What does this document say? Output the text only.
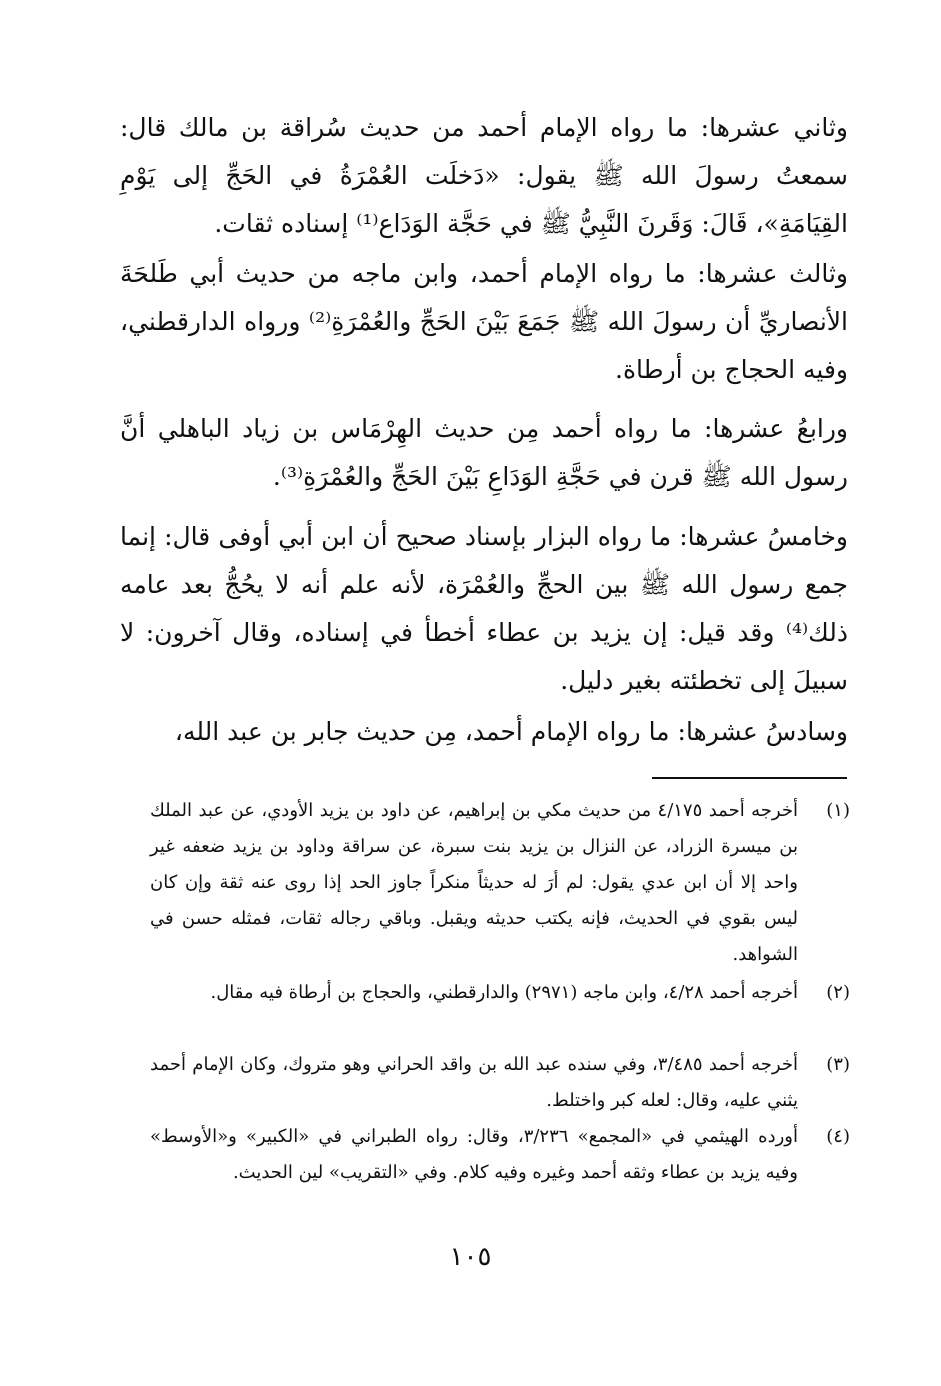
وثاني عشرها: ما رواه الإمام أحمد من حديث سُراقة بن مالك قال: سمعتُ رسولَ الله ﷺ يقول: «دَخلَت العُمْرَةُ في الحَجِّ إلى يَوْمِ القِيَامَةِ»، قَالَ: وَقَرنَ النَّبِيُّ ﷺ في حَجَّة الوَدَاع⁽¹⁾ إسناده ثقات.

وثالث عشرها: ما رواه الإمام أحمد، وابن ماجه من حديث أبي طَلحَةَ الأنصاريِّ أن رسولَ الله ﷺ جَمَعَ بَيْنَ الحَجِّ والعُمْرَةِ⁽²⁾ ورواه الدارقطني، وفيه الحجاج بن أرطاة.

ورابعُ عشرها: ما رواه أحمد مِن حديث الهِرْمَاس بن زياد الباهلي أنَّ رسول الله ﷺ قرن في حَجَّةِ الوَدَاعِ بَيْنَ الحَجِّ والعُمْرَةِ⁽³⁾.

وخامسُ عشرها: ما رواه البزار بإسناد صحيح أن ابن أبي أوفى قال: إنما جمع رسول الله ﷺ بين الحجِّ والعُمْرَة، لأنه علم أنه لا يحُجُّ بعد عامه ذلك⁽⁴⁾ وقد قيل: إن يزيد بن عطاء أخطأ في إسناده، وقال آخرون: لا سبيلَ إلى تخطئته بغير دليل.

وسادسُ عشرها: ما رواه الإمام أحمد، مِن حديث جابر بن عبد الله،

(١)
أخرجه أحمد ٤/١٧٥ من حديث مكي بن إبراهيم، عن داود بن يزيد الأودي، عن عبد الملك بن ميسرة الزراد، عن النزال بن يزيد بنت سبرة، عن سراقة وداود بن يزيد ضعفه غير واحد إلا أن ابن عدي يقول: لم أرَ له حديثاً منكراً جاوز الحد إذا روى عنه ثقة وإن كان ليس بقوي في الحديث، فإنه يكتب حديثه ويقبل. وباقي رجاله ثقات، فمثله حسن في الشواهد.
(٢)
أخرجه أحمد ٤/٢٨، وابن ماجه (٢٩٧١) والدارقطني، والحجاج بن أرطاة فيه مقال.
(٣)
أخرجه أحمد ٣/٤٨٥، وفي سنده عبد الله بن واقد الحراني وهو متروك، وكان الإمام أحمد يثني عليه، وقال: لعله كبر واختلط.
(٤)
أورده الهيثمي في «المجمع» ٣/٢٣٦، وقال: رواه الطبراني في «الكبير» و«الأوسط» وفيه يزيد بن عطاء وثقه أحمد وغيره وفيه كلام. وفي «التقريب» لين الحديث.
١٠٥
